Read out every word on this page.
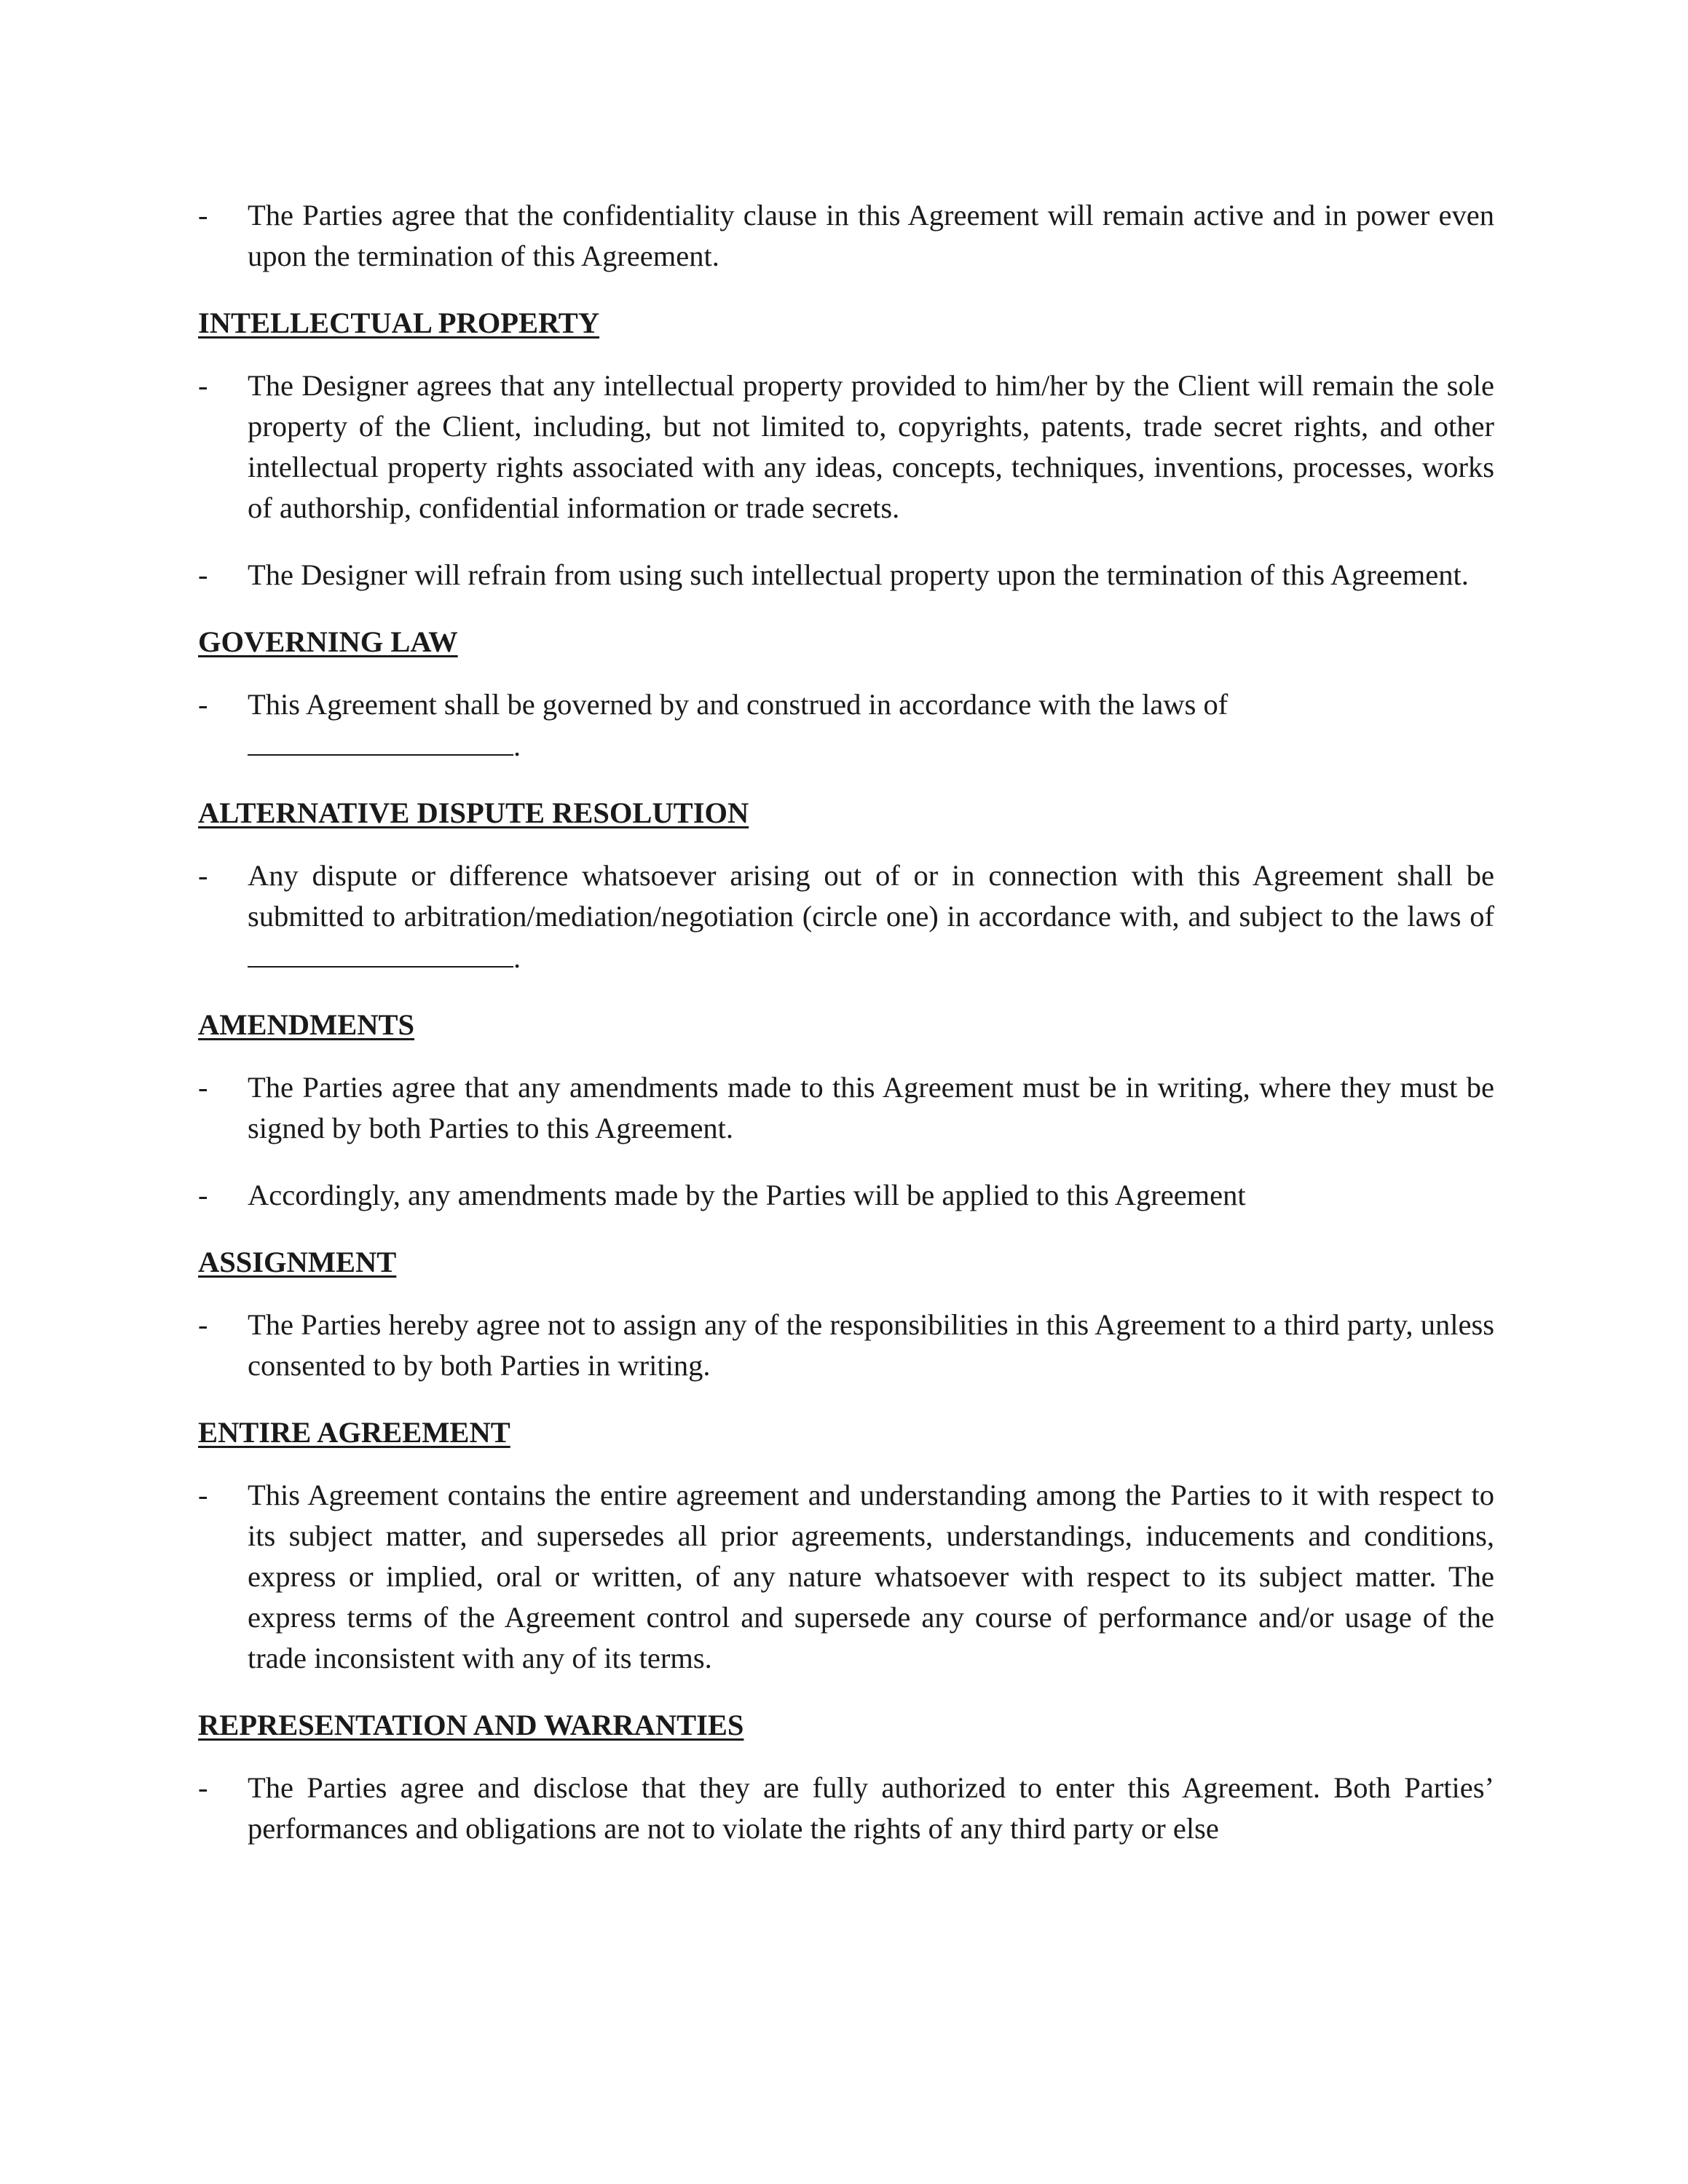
- The Parties agree that the confidentiality clause in this Agreement will remain active and in power even upon the termination of this Agreement.
INTELLECTUAL PROPERTY
- The Designer agrees that any intellectual property provided to him/her by the Client will remain the sole property of the Client, including, but not limited to, copyrights, patents, trade secret rights, and other intellectual property rights associated with any ideas, concepts, techniques, inventions, processes, works of authorship, confidential information or trade secrets.
- The Designer will refrain from using such intellectual property upon the termination of this Agreement.
GOVERNING LAW
- This Agreement shall be governed by and construed in accordance with the laws of
.
ALTERNATIVE DISPUTE RESOLUTION
- Any dispute or difference whatsoever arising out of or in connection with this Agreement shall be submitted to arbitration/mediation/negotiation (circle one) in accordance with, and subject to the laws of .
AMENDMENTS
- The Parties agree that any amendments made to this Agreement must be in writing, where they must be signed by both Parties to this Agreement.
- Accordingly, any amendments made by the Parties will be applied to this Agreement
ASSIGNMENT
- The Parties hereby agree not to assign any of the responsibilities in this Agreement to a third party, unless consented to by both Parties in writing.
ENTIRE AGREEMENT
- This Agreement contains the entire agreement and understanding among the Parties to it with respect to its subject matter, and supersedes all prior agreements, understandings, inducements and conditions, express or implied, oral or written, of any nature whatsoever with respect to its subject matter. The express terms of the Agreement control and supersede any course of performance and/or usage of the trade inconsistent with any of its terms.
REPRESENTATION AND WARRANTIES
- The Parties agree and disclose that they are fully authorized to enter this Agreement. Both Parties’ performances and obligations are not to violate the rights of any third party or else
